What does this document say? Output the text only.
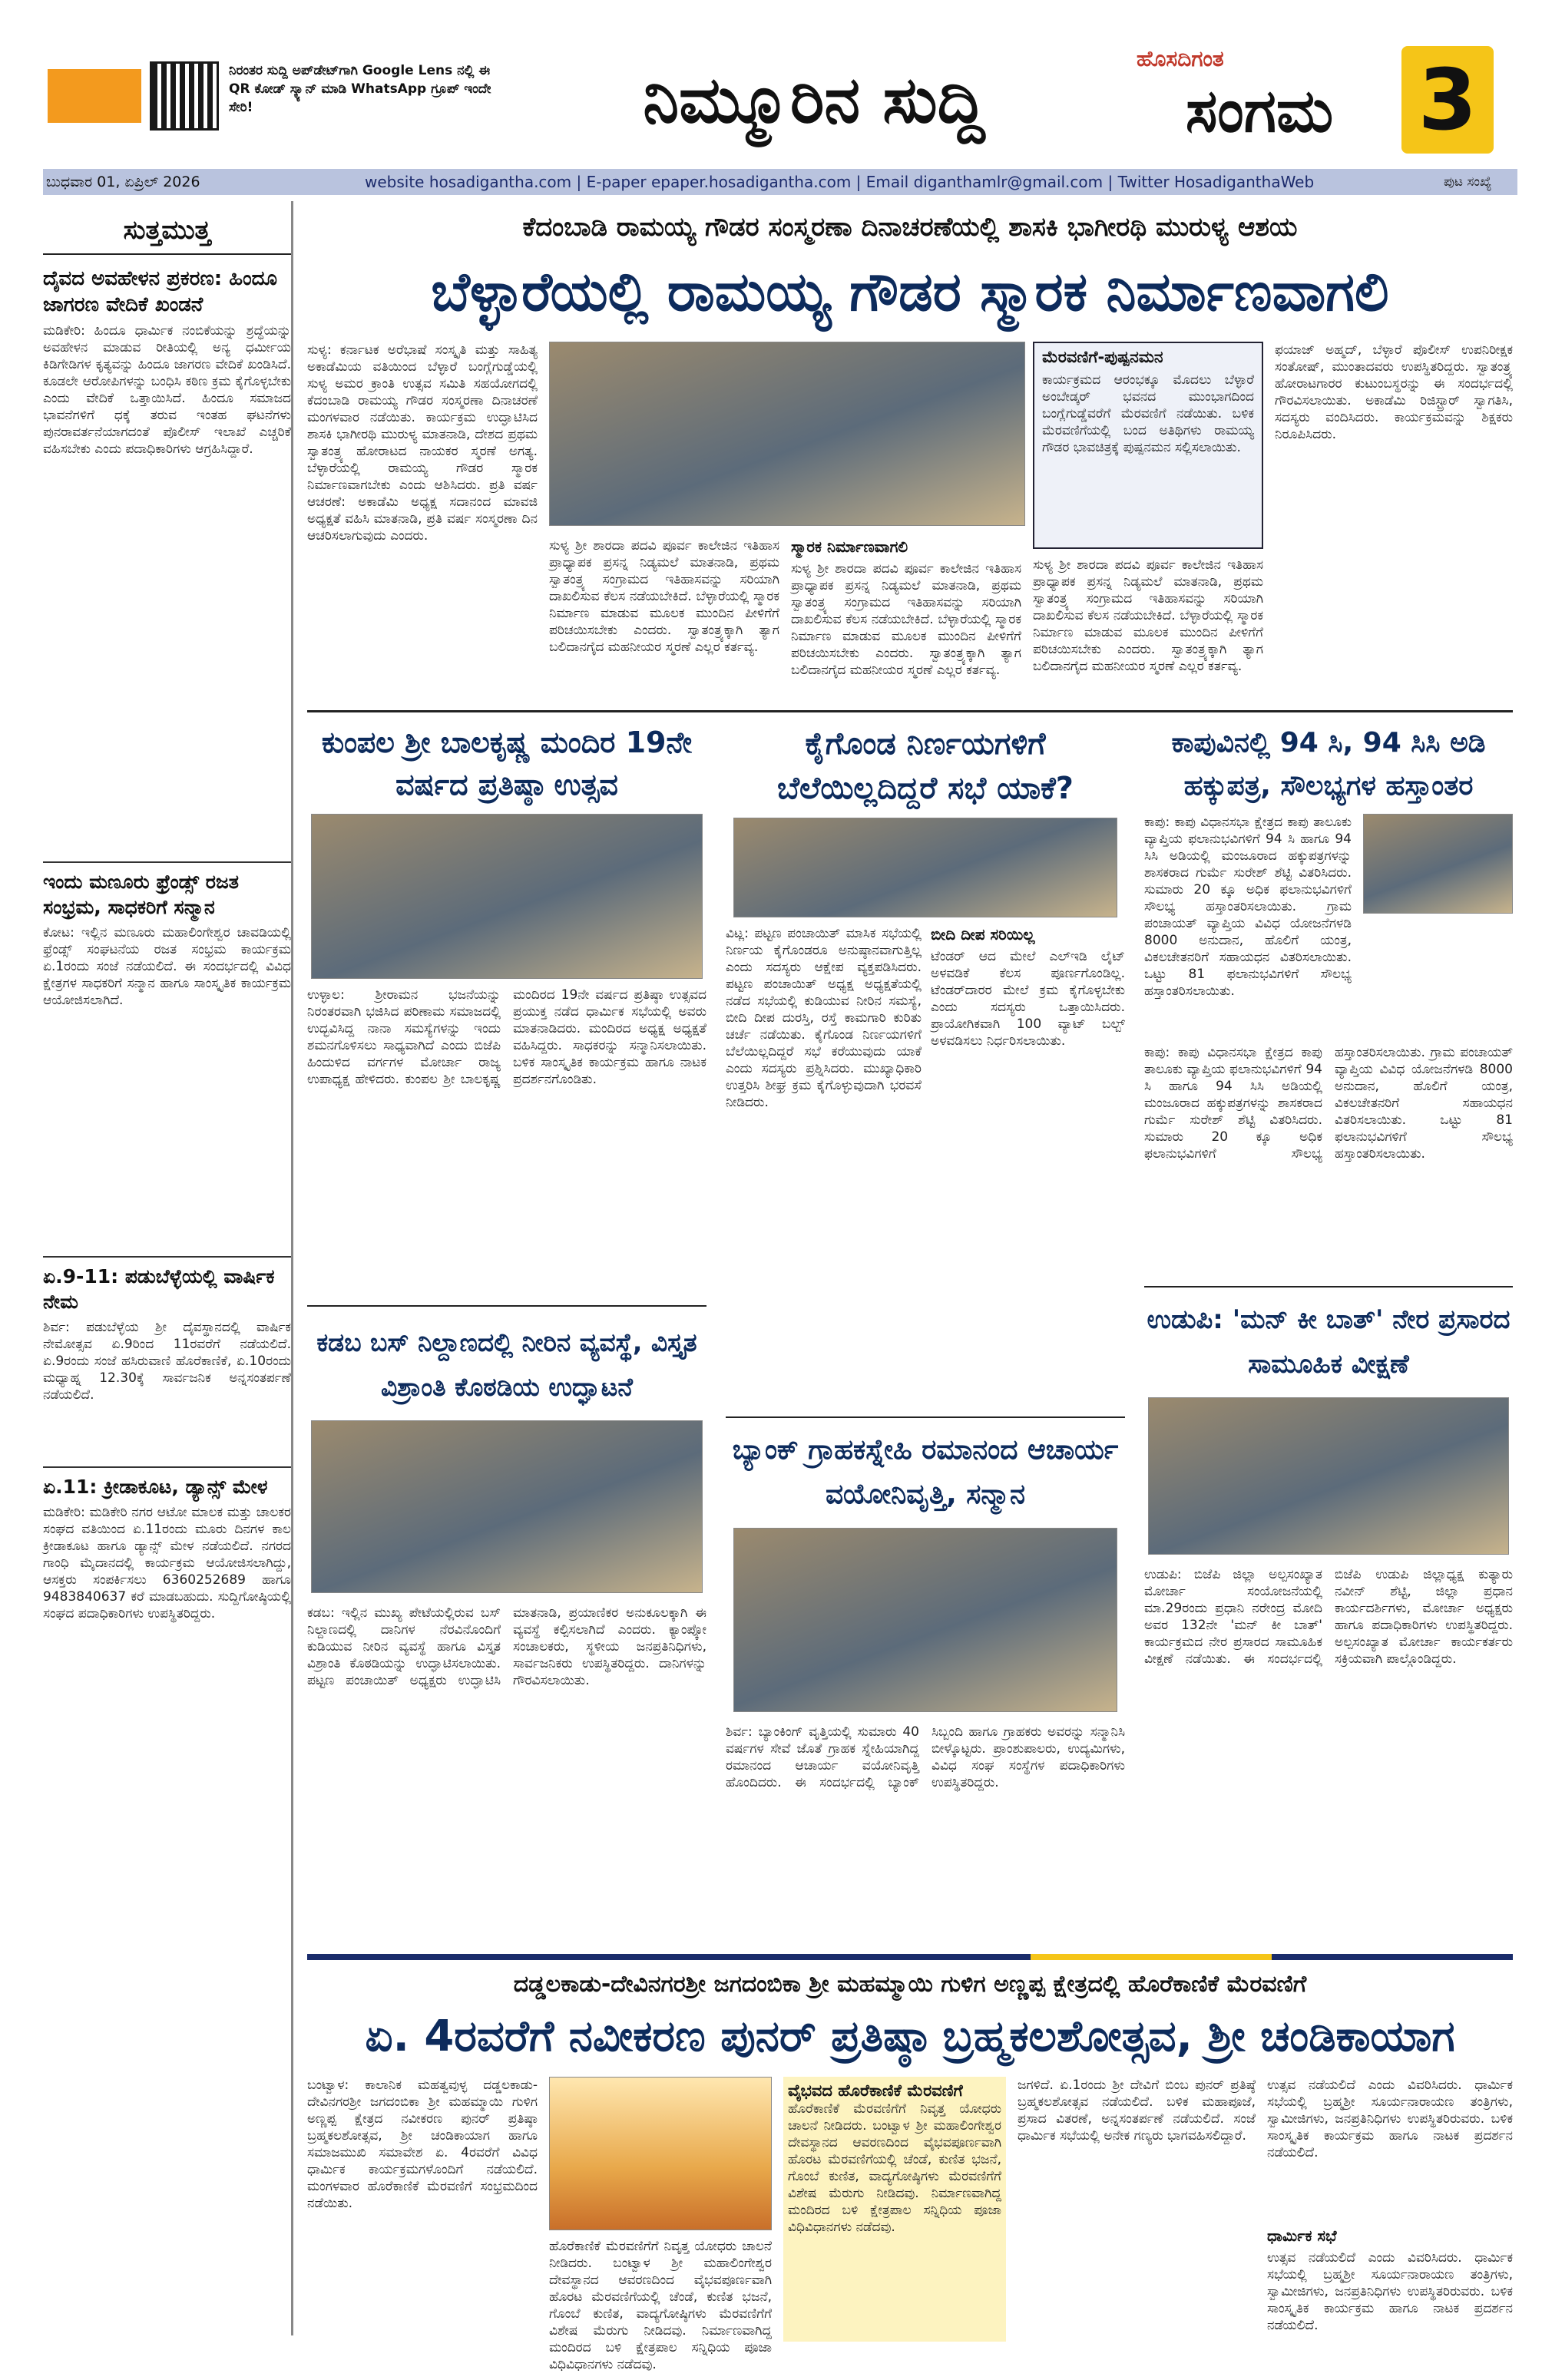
ನಿರಂತರ ಸುದ್ದಿ ಅಪ್‌ಡೇಟ್‌ಗಾಗಿ Google Lens ನಲ್ಲಿ ಈ QR ಕೋಡ್ ಸ್ಕ್ಯಾನ್ ಮಾಡಿ WhatsApp ಗ್ರೂಪ್ ಇಂದೇ ಸೇರಿ!	ನಿಮ್ಮೂರಿನ ಸುದ್ದಿ
ಹೊಸದಿಗಂತ
ಸಂಗಮ	3
ಬುಧವಾರ 01, ಏಪ್ರಿಲ್ 2026	website hosadigantha.com | E-paper epaper.hosadigantha.com | Email diganthamlr@gmail.com | Twitter HosadiganthaWeb	ಪುಟ ಸಂಖ್ಯೆ
ಸುತ್ತಮುತ್ತ
ದೈವದ ಅವಹೇಳನ ಪ್ರಕರಣ: ಹಿಂದೂ ಜಾಗರಣ ವೇದಿಕೆ ಖಂಡನೆ
ಮಡಿಕೇರಿ: ಹಿಂದೂ ಧಾರ್ಮಿಕ ನಂಬಿಕೆಯನ್ನು ಶ್ರದ್ಧೆಯನ್ನು ಅವಹೇಳನ ಮಾಡುವ ರೀತಿಯಲ್ಲಿ ಅನ್ಯ ಧರ್ಮೀಯ ಕಿಡಿಗೇಡಿಗಳ ಕೃತ್ಯವನ್ನು ಹಿಂದೂ ಜಾಗರಣ ವೇದಿಕೆ ಖಂಡಿಸಿದೆ. ಕೂಡಲೇ ಆರೋಪಿಗಳನ್ನು ಬಂಧಿಸಿ ಕಠಿಣ ಕ್ರಮ ಕೈಗೊಳ್ಳಬೇಕು ಎಂದು ವೇದಿಕೆ ಒತ್ತಾಯಿಸಿದೆ. ಹಿಂದೂ ಸಮಾಜದ ಭಾವನೆಗಳಿಗೆ ಧಕ್ಕೆ ತರುವ ಇಂತಹ ಘಟನೆಗಳು ಪುನರಾವರ್ತನೆಯಾಗದಂತೆ ಪೊಲೀಸ್ ಇಲಾಖೆ ಎಚ್ಚರಿಕೆ ವಹಿಸಬೇಕು ಎಂದು ಪದಾಧಿಕಾರಿಗಳು ಆಗ್ರಹಿಸಿದ್ದಾರೆ.
ಇಂದು ಮಣೂರು ಫ್ರೆಂಡ್ಸ್ ರಜತ ಸಂಭ್ರಮ, ಸಾಧಕರಿಗೆ ಸನ್ಮಾನ
ಕೋಟ: ಇಲ್ಲಿನ ಮಣೂರು ಮಹಾಲಿಂಗೇಶ್ವರ ಚಾವಡಿಯಲ್ಲಿ ಫ್ರೆಂಡ್ಸ್ ಸಂಘಟನೆಯ ರಜತ ಸಂಭ್ರಮ ಕಾರ್ಯಕ್ರಮ ಏ.1ರಂದು ಸಂಜೆ ನಡೆಯಲಿದೆ. ಈ ಸಂದರ್ಭದಲ್ಲಿ ವಿವಿಧ ಕ್ಷೇತ್ರಗಳ ಸಾಧಕರಿಗೆ ಸನ್ಮಾನ ಹಾಗೂ ಸಾಂಸ್ಕೃತಿಕ ಕಾರ್ಯಕ್ರಮ ಆಯೋಜಿಸಲಾಗಿದೆ.
ಏ.9-11: ಪಡುಬೆಳ್ಳೆಯಲ್ಲಿ ವಾರ್ಷಿಕ ನೇಮ
ಶಿರ್ವ: ಪಡುಬೆಳ್ಳೆಯ ಶ್ರೀ ದೈವಸ್ಥಾನದಲ್ಲಿ ವಾರ್ಷಿಕ ನೇಮೋತ್ಸವ ಏ.9ರಿಂದ 11ರವರೆಗೆ ನಡೆಯಲಿದೆ. ಏ.9ರಂದು ಸಂಜೆ ಹಸಿರುವಾಣಿ ಹೊರೆಕಾಣಿಕೆ, ಏ.10ರಂದು ಮಧ್ಯಾಹ್ನ 12.30ಕ್ಕೆ ಸಾರ್ವಜನಿಕ ಅನ್ನಸಂತರ್ಪಣೆ ನಡೆಯಲಿದೆ.
ಏ.11: ಕ್ರೀಡಾಕೂಟ, ಡ್ಯಾನ್ಸ್ ಮೇಳ
ಮಡಿಕೇರಿ: ಮಡಿಕೇರಿ ನಗರ ಆಟೋ ಮಾಲಕ ಮತ್ತು ಚಾಲಕರ ಸಂಘದ ವತಿಯಿಂದ ಏ.11ರಂದು ಮೂರು ದಿನಗಳ ಕಾಲ ಕ್ರೀಡಾಕೂಟ ಹಾಗೂ ಡ್ಯಾನ್ಸ್ ಮೇಳ ನಡೆಯಲಿದೆ. ನಗರದ ಗಾಂಧಿ ಮೈದಾನದಲ್ಲಿ ಕಾರ್ಯಕ್ರಮ ಆಯೋಜಿಸಲಾಗಿದ್ದು, ಆಸಕ್ತರು ಸಂಪರ್ಕಿಸಲು 6360252689 ಹಾಗೂ 9483840637 ಕರೆ ಮಾಡಬಹುದು. ಸುದ್ದಿಗೋಷ್ಠಿಯಲ್ಲಿ ಸಂಘದ ಪದಾಧಿಕಾರಿಗಳು ಉಪಸ್ಥಿತರಿದ್ದರು.
ಕೆದಂಬಾಡಿ ರಾಮಯ್ಯ ಗೌಡರ ಸಂಸ್ಮರಣಾ ದಿನಾಚರಣೆಯಲ್ಲಿ ಶಾಸಕಿ ಭಾಗೀರಥಿ ಮುರುಳ್ಯ ಆಶಯ
ಬೆಳ್ಳಾರೆಯಲ್ಲಿ ರಾಮಯ್ಯ ಗೌಡರ ಸ್ಮಾರಕ ನಿರ್ಮಾಣವಾಗಲಿ
ಸುಳ್ಯ: ಕರ್ನಾಟಕ ಅರೆಭಾಷೆ ಸಂಸ್ಕೃತಿ ಮತ್ತು ಸಾಹಿತ್ಯ ಅಕಾಡೆಮಿಯ ವತಿಯಿಂದ ಬೆಳ್ಳಾರೆ ಬಂಗ್ಲೆಗುಡ್ಡೆಯಲ್ಲಿ ಸುಳ್ಯ ಅಮರ ಕ್ರಾಂತಿ ಉತ್ಸವ ಸಮಿತಿ ಸಹಯೋಗದಲ್ಲಿ ಕೆದಂಬಾಡಿ ರಾಮಯ್ಯ ಗೌಡರ ಸಂಸ್ಮರಣಾ ದಿನಾಚರಣೆ ಮಂಗಳವಾರ ನಡೆಯಿತು. ಕಾರ್ಯಕ್ರಮ ಉದ್ಘಾಟಿಸಿದ ಶಾಸಕಿ ಭಾಗೀರಥಿ ಮುರುಳ್ಯ ಮಾತನಾಡಿ, ದೇಶದ ಪ್ರಥಮ ಸ್ವಾತಂತ್ರ್ಯ ಹೋರಾಟದ ನಾಯಕರ ಸ್ಮರಣೆ ಅಗತ್ಯ. ಬೆಳ್ಳಾರೆಯಲ್ಲಿ ರಾಮಯ್ಯ ಗೌಡರ ಸ್ಮಾರಕ ನಿರ್ಮಾಣವಾಗಬೇಕು ಎಂದು ಆಶಿಸಿದರು. ಪ್ರತಿ ವರ್ಷ ಆಚರಣೆ: ಅಕಾಡೆಮಿ ಅಧ್ಯಕ್ಷ ಸದಾನಂದ ಮಾವಜಿ ಅಧ್ಯಕ್ಷತೆ ವಹಿಸಿ ಮಾತನಾಡಿ, ಪ್ರತಿ ವರ್ಷ ಸಂಸ್ಮರಣಾ ದಿನ ಆಚರಿಸಲಾಗುವುದು ಎಂದರು.
ಮೆರವಣಿಗೆ-ಪುಷ್ಪನಮನ
ಕಾರ್ಯಕ್ರಮದ ಆರಂಭಕ್ಕೂ ಮೊದಲು ಬೆಳ್ಳಾರೆ ಅಂಬೇಡ್ಕರ್ ಭವನದ ಮುಂಭಾಗದಿಂದ ಬಂಗ್ಲೆಗುಡ್ಡೆವರೆಗೆ ಮೆರವಣಿಗೆ ನಡೆಯಿತು. ಬಳಿಕ ಮೆರವಣಿಗೆಯಲ್ಲಿ ಬಂದ ಅತಿಥಿಗಳು ರಾಮಯ್ಯ ಗೌಡರ ಭಾವಚಿತ್ರಕ್ಕೆ ಪುಷ್ಪನಮನ ಸಲ್ಲಿಸಲಾಯಿತು.
ಸುಳ್ಯ ಶ್ರೀ ಶಾರದಾ ಪದವಿ ಪೂರ್ವ ಕಾಲೇಜಿನ ಇತಿಹಾಸ ಪ್ರಾಧ್ಯಾಪಕ ಪ್ರಸನ್ನ ನಿಡ್ಯಮಲೆ ಮಾತನಾಡಿ, ಪ್ರಥಮ ಸ್ವಾತಂತ್ರ್ಯ ಸಂಗ್ರಾಮದ ಇತಿಹಾಸವನ್ನು ಸರಿಯಾಗಿ ದಾಖಲಿಸುವ ಕೆಲಸ ನಡೆಯಬೇಕಿದೆ. ಬೆಳ್ಳಾರೆಯಲ್ಲಿ ಸ್ಮಾರಕ ನಿರ್ಮಾಣ ಮಾಡುವ ಮೂಲಕ ಮುಂದಿನ ಪೀಳಿಗೆಗೆ ಪರಿಚಯಿಸಬೇಕು ಎಂದರು. ಸ್ವಾತಂತ್ರ್ಯಕ್ಕಾಗಿ ತ್ಯಾಗ ಬಲಿದಾನಗೈದ ಮಹನೀಯರ ಸ್ಮರಣೆ ಎಲ್ಲರ ಕರ್ತವ್ಯ.
ಸ್ಮಾರಕ ನಿರ್ಮಾಣವಾಗಲಿ
ಸುಳ್ಯ ಶ್ರೀ ಶಾರದಾ ಪದವಿ ಪೂರ್ವ ಕಾಲೇಜಿನ ಇತಿಹಾಸ ಪ್ರಾಧ್ಯಾಪಕ ಪ್ರಸನ್ನ ನಿಡ್ಯಮಲೆ ಮಾತನಾಡಿ, ಪ್ರಥಮ ಸ್ವಾತಂತ್ರ್ಯ ಸಂಗ್ರಾಮದ ಇತಿಹಾಸವನ್ನು ಸರಿಯಾಗಿ ದಾಖಲಿಸುವ ಕೆಲಸ ನಡೆಯಬೇಕಿದೆ. ಬೆಳ್ಳಾರೆಯಲ್ಲಿ ಸ್ಮಾರಕ ನಿರ್ಮಾಣ ಮಾಡುವ ಮೂಲಕ ಮುಂದಿನ ಪೀಳಿಗೆಗೆ ಪರಿಚಯಿಸಬೇಕು ಎಂದರು. ಸ್ವಾತಂತ್ರ್ಯಕ್ಕಾಗಿ ತ್ಯಾಗ ಬಲಿದಾನಗೈದ ಮಹನೀಯರ ಸ್ಮರಣೆ ಎಲ್ಲರ ಕರ್ತವ್ಯ.
ಸುಳ್ಯ ಶ್ರೀ ಶಾರದಾ ಪದವಿ ಪೂರ್ವ ಕಾಲೇಜಿನ ಇತಿಹಾಸ ಪ್ರಾಧ್ಯಾಪಕ ಪ್ರಸನ್ನ ನಿಡ್ಯಮಲೆ ಮಾತನಾಡಿ, ಪ್ರಥಮ ಸ್ವಾತಂತ್ರ್ಯ ಸಂಗ್ರಾಮದ ಇತಿಹಾಸವನ್ನು ಸರಿಯಾಗಿ ದಾಖಲಿಸುವ ಕೆಲಸ ನಡೆಯಬೇಕಿದೆ. ಬೆಳ್ಳಾರೆಯಲ್ಲಿ ಸ್ಮಾರಕ ನಿರ್ಮಾಣ ಮಾಡುವ ಮೂಲಕ ಮುಂದಿನ ಪೀಳಿಗೆಗೆ ಪರಿಚಯಿಸಬೇಕು ಎಂದರು. ಸ್ವಾತಂತ್ರ್ಯಕ್ಕಾಗಿ ತ್ಯಾಗ ಬಲಿದಾನಗೈದ ಮಹನೀಯರ ಸ್ಮರಣೆ ಎಲ್ಲರ ಕರ್ತವ್ಯ.
ಫಯಾಜ್ ಅಹ್ಮದ್, ಬೆಳ್ಳಾರೆ ಪೊಲೀಸ್ ಉಪನಿರೀಕ್ಷಕ ಸಂತೋಷ್, ಮುಂತಾದವರು ಉಪಸ್ಥಿತರಿದ್ದರು. ಸ್ವಾತಂತ್ರ್ಯ ಹೋರಾಟಗಾರರ ಕುಟುಂಬಸ್ಥರನ್ನು ಈ ಸಂದರ್ಭದಲ್ಲಿ ಗೌರವಿಸಲಾಯಿತು. ಅಕಾಡೆಮಿ ರಿಜಿಸ್ಟ್ರಾರ್ ಸ್ವಾಗತಿಸಿ, ಸದಸ್ಯರು ವಂದಿಸಿದರು. ಕಾರ್ಯಕ್ರಮವನ್ನು ಶಿಕ್ಷಕರು ನಿರೂಪಿಸಿದರು.
ಕುಂಪಲ ಶ್ರೀ ಬಾಲಕೃಷ್ಣ ಮಂದಿರ 19ನೇ ವರ್ಷದ ಪ್ರತಿಷ್ಠಾ ಉತ್ಸವ
ಉಳ್ಳಾಲ: ಶ್ರೀರಾಮನ ಭಜನೆಯನ್ನು ನಿರಂತರವಾಗಿ ಭಜಿಸಿದ ಪರಿಣಾಮ ಸಮಾಜದಲ್ಲಿ ಉದ್ಭವಿಸಿದ್ದ ನಾನಾ ಸಮಸ್ಯೆಗಳನ್ನು ಇಂದು ಶಮನಗೊಳಿಸಲು ಸಾಧ್ಯವಾಗಿದೆ ಎಂದು ಬಿಜೆಪಿ ಹಿಂದುಳಿದ ವರ್ಗಗಳ ಮೋರ್ಚಾ ರಾಜ್ಯ ಉಪಾಧ್ಯಕ್ಷ ಹೇಳಿದರು. ಕುಂಪಲ ಶ್ರೀ ಬಾಲಕೃಷ್ಣ ಮಂದಿರದ 19ನೇ ವರ್ಷದ ಪ್ರತಿಷ್ಠಾ ಉತ್ಸವದ ಪ್ರಯುಕ್ತ ನಡೆದ ಧಾರ್ಮಿಕ ಸಭೆಯಲ್ಲಿ ಅವರು ಮಾತನಾಡಿದರು. ಮಂದಿರದ ಅಧ್ಯಕ್ಷ ಅಧ್ಯಕ್ಷತೆ ವಹಿಸಿದ್ದರು. ಸಾಧಕರನ್ನು ಸನ್ಮಾನಿಸಲಾಯಿತು. ಬಳಿಕ ಸಾಂಸ್ಕೃತಿಕ ಕಾರ್ಯಕ್ರಮ ಹಾಗೂ ನಾಟಕ ಪ್ರದರ್ಶನಗೊಂಡಿತು.
ಕೈಗೊಂಡ ನಿರ್ಣಯಗಳಿಗೆ ಬೆಲೆಯಿಲ್ಲದಿದ್ದರೆ ಸಭೆ ಯಾಕೆ?
ವಿಟ್ಲ: ಪಟ್ಟಣ ಪಂಚಾಯಿತ್ ಮಾಸಿಕ ಸಭೆಯಲ್ಲಿ ನಿರ್ಣಯ ಕೈಗೊಂಡರೂ ಅನುಷ್ಠಾನವಾಗುತ್ತಿಲ್ಲ ಎಂದು ಸದಸ್ಯರು ಆಕ್ಷೇಪ ವ್ಯಕ್ತಪಡಿಸಿದರು. ಪಟ್ಟಣ ಪಂಚಾಯಿತ್ ಅಧ್ಯಕ್ಷ ಅಧ್ಯಕ್ಷತೆಯಲ್ಲಿ ನಡೆದ ಸಭೆಯಲ್ಲಿ ಕುಡಿಯುವ ನೀರಿನ ಸಮಸ್ಯೆ, ಬೀದಿ ದೀಪ ದುರಸ್ತಿ, ರಸ್ತೆ ಕಾಮಗಾರಿ ಕುರಿತು ಚರ್ಚೆ ನಡೆಯಿತು. ಕೈಗೊಂಡ ನಿರ್ಣಯಗಳಿಗೆ ಬೆಲೆಯಿಲ್ಲದಿದ್ದರೆ ಸಭೆ ಕರೆಯುವುದು ಯಾಕೆ ಎಂದು ಸದಸ್ಯರು ಪ್ರಶ್ನಿಸಿದರು. ಮುಖ್ಯಾಧಿಕಾರಿ ಉತ್ತರಿಸಿ ಶೀಘ್ರ ಕ್ರಮ ಕೈಗೊಳ್ಳುವುದಾಗಿ ಭರವಸೆ ನೀಡಿದರು.
ಬೀದಿ ದೀಪ ಸರಿಯಿಲ್ಲ
ಟೆಂಡರ್ ಆದ ಮೇಲೆ ಎಲ್‌ಇಡಿ ಲೈಟ್ ಅಳವಡಿಕೆ ಕೆಲಸ ಪೂರ್ಣಗೊಂಡಿಲ್ಲ. ಟೆಂಡರ್‌ದಾರರ ಮೇಲೆ ಕ್ರಮ ಕೈಗೊಳ್ಳಬೇಕು ಎಂದು ಸದಸ್ಯರು ಒತ್ತಾಯಿಸಿದರು. ಪ್ರಾಯೋಗಿಕವಾಗಿ 100 ವ್ಯಾಟ್ ಬಲ್ಬ್ ಅಳವಡಿಸಲು ನಿರ್ಧರಿಸಲಾಯಿತು.
ಕಾಪುವಿನಲ್ಲಿ 94 ಸಿ, 94 ಸಿಸಿ ಅಡಿ ಹಕ್ಕುಪತ್ರ, ಸೌಲಭ್ಯಗಳ ಹಸ್ತಾಂತರ
ಕಾಪು: ಕಾಪು ವಿಧಾನಸಭಾ ಕ್ಷೇತ್ರದ ಕಾಪು ತಾಲೂಕು ವ್ಯಾಪ್ತಿಯ ಫಲಾನುಭವಿಗಳಿಗೆ 94 ಸಿ ಹಾಗೂ 94 ಸಿಸಿ ಅಡಿಯಲ್ಲಿ ಮಂಜೂರಾದ ಹಕ್ಕುಪತ್ರಗಳನ್ನು ಶಾಸಕರಾದ ಗುರ್ಮೆ ಸುರೇಶ್ ಶೆಟ್ಟಿ ವಿತರಿಸಿದರು. ಸುಮಾರು 20 ಕ್ಕೂ ಅಧಿಕ ಫಲಾನುಭವಿಗಳಿಗೆ ಸೌಲಭ್ಯ ಹಸ್ತಾಂತರಿಸಲಾಯಿತು. ಗ್ರಾಮ ಪಂಚಾಯತ್ ವ್ಯಾಪ್ತಿಯ ವಿವಿಧ ಯೋಜನೆಗಳಡಿ 8000 ಅನುದಾನ, ಹೊಲಿಗೆ ಯಂತ್ರ, ವಿಕಲಚೇತನರಿಗೆ ಸಹಾಯಧನ ವಿತರಿಸಲಾಯಿತು. ಒಟ್ಟು 81 ಫಲಾನುಭವಿಗಳಿಗೆ ಸೌಲಭ್ಯ ಹಸ್ತಾಂತರಿಸಲಾಯಿತು.
ಕಾಪು: ಕಾಪು ವಿಧಾನಸಭಾ ಕ್ಷೇತ್ರದ ಕಾಪು ತಾಲೂಕು ವ್ಯಾಪ್ತಿಯ ಫಲಾನುಭವಿಗಳಿಗೆ 94 ಸಿ ಹಾಗೂ 94 ಸಿಸಿ ಅಡಿಯಲ್ಲಿ ಮಂಜೂರಾದ ಹಕ್ಕುಪತ್ರಗಳನ್ನು ಶಾಸಕರಾದ ಗುರ್ಮೆ ಸುರೇಶ್ ಶೆಟ್ಟಿ ವಿತರಿಸಿದರು. ಸುಮಾರು 20 ಕ್ಕೂ ಅಧಿಕ ಫಲಾನುಭವಿಗಳಿಗೆ ಸೌಲಭ್ಯ ಹಸ್ತಾಂತರಿಸಲಾಯಿತು. ಗ್ರಾಮ ಪಂಚಾಯತ್ ವ್ಯಾಪ್ತಿಯ ವಿವಿಧ ಯೋಜನೆಗಳಡಿ 8000 ಅನುದಾನ, ಹೊಲಿಗೆ ಯಂತ್ರ, ವಿಕಲಚೇತನರಿಗೆ ಸಹಾಯಧನ ವಿತರಿಸಲಾಯಿತು. ಒಟ್ಟು 81 ಫಲಾನುಭವಿಗಳಿಗೆ ಸೌಲಭ್ಯ ಹಸ್ತಾಂತರಿಸಲಾಯಿತು.
ಕಡಬ ಬಸ್ ನಿಲ್ದಾಣದಲ್ಲಿ ನೀರಿನ ವ್ಯವಸ್ಥೆ, ವಿಸ್ತೃತ ವಿಶ್ರಾಂತಿ ಕೊಠಡಿಯ ಉದ್ಘಾಟನೆ
ಕಡಬ: ಇಲ್ಲಿನ ಮುಖ್ಯ ಪೇಟೆಯಲ್ಲಿರುವ ಬಸ್ ನಿಲ್ದಾಣದಲ್ಲಿ ದಾನಿಗಳ ನೆರವಿನೊಂದಿಗೆ ಕುಡಿಯುವ ನೀರಿನ ವ್ಯವಸ್ಥೆ ಹಾಗೂ ವಿಸ್ತೃತ ವಿಶ್ರಾಂತಿ ಕೊಠಡಿಯನ್ನು ಉದ್ಘಾಟಿಸಲಾಯಿತು. ಪಟ್ಟಣ ಪಂಚಾಯಿತ್ ಅಧ್ಯಕ್ಷರು ಉದ್ಘಾಟಿಸಿ ಮಾತನಾಡಿ, ಪ್ರಯಾಣಿಕರ ಅನುಕೂಲಕ್ಕಾಗಿ ಈ ವ್ಯವಸ್ಥೆ ಕಲ್ಪಿಸಲಾಗಿದೆ ಎಂದರು. ಕ್ಯಾಂಪ್ಕೋ ಸಂಚಾಲಕರು, ಸ್ಥಳೀಯ ಜನಪ್ರತಿನಿಧಿಗಳು, ಸಾರ್ವಜನಿಕರು ಉಪಸ್ಥಿತರಿದ್ದರು. ದಾನಿಗಳನ್ನು ಗೌರವಿಸಲಾಯಿತು.
ಬ್ಯಾಂಕ್ ಗ್ರಾಹಕಸ್ನೇಹಿ ರಮಾನಂದ ಆಚಾರ್ಯ ವಯೋನಿವೃತ್ತಿ, ಸನ್ಮಾನ
ಶಿರ್ವ: ಬ್ಯಾಂಕಿಂಗ್ ವೃತ್ತಿಯಲ್ಲಿ ಸುಮಾರು 40 ವರ್ಷಗಳ ಸೇವೆ ಜೊತೆ ಗ್ರಾಹಕ ಸ್ನೇಹಿಯಾಗಿದ್ದ ರಮಾನಂದ ಆಚಾರ್ಯ ವಯೋನಿವೃತ್ತಿ ಹೊಂದಿದರು. ಈ ಸಂದರ್ಭದಲ್ಲಿ ಬ್ಯಾಂಕ್ ಸಿಬ್ಬಂದಿ ಹಾಗೂ ಗ್ರಾಹಕರು ಅವರನ್ನು ಸನ್ಮಾನಿಸಿ ಬೀಳ್ಕೊಟ್ಟರು. ಪ್ರಾಂಶುಪಾಲರು, ಉದ್ಯಮಿಗಳು, ವಿವಿಧ ಸಂಘ ಸಂಸ್ಥೆಗಳ ಪದಾಧಿಕಾರಿಗಳು ಉಪಸ್ಥಿತರಿದ್ದರು.
ಉಡುಪಿ: 'ಮನ್ ಕೀ ಬಾತ್' ನೇರ ಪ್ರಸಾರದ ಸಾಮೂಹಿಕ ವೀಕ್ಷಣೆ
ಉಡುಪಿ: ಬಿಜೆಪಿ ಜಿಲ್ಲಾ ಅಲ್ಪಸಂಖ್ಯಾತ ಮೋರ್ಚಾ ಸಂಯೋಜನೆಯಲ್ಲಿ ಮಾ.29ರಂದು ಪ್ರಧಾನಿ ನರೇಂದ್ರ ಮೋದಿ ಅವರ 132ನೇ 'ಮನ್ ಕೀ ಬಾತ್' ಕಾರ್ಯಕ್ರಮದ ನೇರ ಪ್ರಸಾರದ ಸಾಮೂಹಿಕ ವೀಕ್ಷಣೆ ನಡೆಯಿತು. ಈ ಸಂದರ್ಭದಲ್ಲಿ ಬಿಜೆಪಿ ಉಡುಪಿ ಜಿಲ್ಲಾಧ್ಯಕ್ಷ ಕುತ್ಯಾರು ನವೀನ್ ಶೆಟ್ಟಿ, ಜಿಲ್ಲಾ ಪ್ರಧಾನ ಕಾರ್ಯದರ್ಶಿಗಳು, ಮೋರ್ಚಾ ಅಧ್ಯಕ್ಷರು ಹಾಗೂ ಪದಾಧಿಕಾರಿಗಳು ಉಪಸ್ಥಿತರಿದ್ದರು. ಅಲ್ಪಸಂಖ್ಯಾತ ಮೋರ್ಚಾ ಕಾರ್ಯಕರ್ತರು ಸಕ್ರಿಯವಾಗಿ ಪಾಲ್ಗೊಂಡಿದ್ದರು.
ದಡ್ಡಲಕಾಡು-ದೇವಿನಗರಶ್ರೀ ಜಗದಂಬಿಕಾ ಶ್ರೀ ಮಹಮ್ಮಾಯಿ ಗುಳಿಗ ಅಣ್ಣಪ್ಪ ಕ್ಷೇತ್ರದಲ್ಲಿ ಹೊರೆಕಾಣಿಕೆ ಮೆರವಣಿಗೆ
ಏ. 4ರವರೆಗೆ ನವೀಕರಣ ಪುನರ್ ಪ್ರತಿಷ್ಠಾ ಬ್ರಹ್ಮಕಲಶೋತ್ಸವ, ಶ್ರೀ ಚಂಡಿಕಾಯಾಗ
ಬಂಟ್ವಾಳ: ಕಾಲಾನಿಕ ಮಹತ್ವವುಳ್ಳ ದಡ್ಡಲಕಾಡು-ದೇವಿನಗರಶ್ರೀ ಜಗದಂಬಿಕಾ ಶ್ರೀ ಮಹಮ್ಮಾಯಿ ಗುಳಿಗ ಅಣ್ಣಪ್ಪ ಕ್ಷೇತ್ರದ ನವೀಕರಣ ಪುನರ್ ಪ್ರತಿಷ್ಠಾ ಬ್ರಹ್ಮಕಲಶೋತ್ಸವ, ಶ್ರೀ ಚಂಡಿಕಾಯಾಗ ಹಾಗೂ ಸಮಾಜಮುಖಿ ಸಮಾವೇಶ ಏ. 4ರವರೆಗೆ ವಿವಿಧ ಧಾರ್ಮಿಕ ಕಾರ್ಯಕ್ರಮಗಳೊಂದಿಗೆ ನಡೆಯಲಿದೆ. ಮಂಗಳವಾರ ಹೊರೆಕಾಣಿಕೆ ಮೆರವಣಿಗೆ ಸಂಭ್ರಮದಿಂದ ನಡೆಯಿತು.
ಹೊರೆಕಾಣಿಕೆ ಮೆರವಣಿಗೆಗೆ ನಿವೃತ್ತ ಯೋಧರು ಚಾಲನೆ ನೀಡಿದರು. ಬಂಟ್ವಾಳ ಶ್ರೀ ಮಹಾಲಿಂಗೇಶ್ವರ ದೇವಸ್ಥಾನದ ಆವರಣದಿಂದ ವೈಭವಪೂರ್ಣವಾಗಿ ಹೊರಟ ಮೆರವಣಿಗೆಯಲ್ಲಿ ಚೆಂಡೆ, ಕುಣಿತ ಭಜನೆ, ಗೊಂಬೆ ಕುಣಿತ, ವಾದ್ಯಗೋಷ್ಠಿಗಳು ಮೆರವಣಿಗೆಗೆ ವಿಶೇಷ ಮೆರುಗು ನೀಡಿದವು. ನಿರ್ಮಾಣವಾಗಿದ್ದ ಮಂದಿರದ ಬಳಿ ಕ್ಷೇತ್ರಪಾಲ ಸನ್ನಿಧಿಯ ಪೂಜಾ ವಿಧಿವಿಧಾನಗಳು ನಡೆದವು.
ವೈಭವದ ಹೊರೆಕಾಣಿಕೆ ಮೆರವಣಿಗೆ
ಹೊರೆಕಾಣಿಕೆ ಮೆರವಣಿಗೆಗೆ ನಿವೃತ್ತ ಯೋಧರು ಚಾಲನೆ ನೀಡಿದರು. ಬಂಟ್ವಾಳ ಶ್ರೀ ಮಹಾಲಿಂಗೇಶ್ವರ ದೇವಸ್ಥಾನದ ಆವರಣದಿಂದ ವೈಭವಪೂರ್ಣವಾಗಿ ಹೊರಟ ಮೆರವಣಿಗೆಯಲ್ಲಿ ಚೆಂಡೆ, ಕುಣಿತ ಭಜನೆ, ಗೊಂಬೆ ಕುಣಿತ, ವಾದ್ಯಗೋಷ್ಠಿಗಳು ಮೆರವಣಿಗೆಗೆ ವಿಶೇಷ ಮೆರುಗು ನೀಡಿದವು. ನಿರ್ಮಾಣವಾಗಿದ್ದ ಮಂದಿರದ ಬಳಿ ಕ್ಷೇತ್ರಪಾಲ ಸನ್ನಿಧಿಯ ಪೂಜಾ ವಿಧಿವಿಧಾನಗಳು ನಡೆದವು.
ಜಗಳಿದೆ. ಏ.1ರಂದು ಶ್ರೀ ದೇವಿಗೆ ಬಿಂಬ ಪುನರ್ ಪ್ರತಿಷ್ಠೆ ಬ್ರಹ್ಮಕಲಶೋತ್ಸವ ನಡೆಯಲಿದೆ. ಬಳಿಕ ಮಹಾಪೂಜೆ, ಪ್ರಸಾದ ವಿತರಣೆ, ಅನ್ನಸಂತರ್ಪಣೆ ನಡೆಯಲಿದೆ. ಸಂಜೆ ಧಾರ್ಮಿಕ ಸಭೆಯಲ್ಲಿ ಅನೇಕ ಗಣ್ಯರು ಭಾಗವಹಿಸಲಿದ್ದಾರೆ.
ಧಾರ್ಮಿಕ ಸಭೆ
ಉತ್ಸವ ನಡೆಯಲಿದೆ ಎಂದು ವಿವರಿಸಿದರು. ಧಾರ್ಮಿಕ ಸಭೆಯಲ್ಲಿ ಬ್ರಹ್ಮಶ್ರೀ ಸೂರ್ಯನಾರಾಯಣ ತಂತ್ರಿಗಳು, ಸ್ವಾಮೀಜಿಗಳು, ಜನಪ್ರತಿನಿಧಿಗಳು ಉಪಸ್ಥಿತರಿರುವರು. ಬಳಿಕ ಸಾಂಸ್ಕೃತಿಕ ಕಾರ್ಯಕ್ರಮ ಹಾಗೂ ನಾಟಕ ಪ್ರದರ್ಶನ ನಡೆಯಲಿದೆ.
ಉತ್ಸವ ನಡೆಯಲಿದೆ ಎಂದು ವಿವರಿಸಿದರು. ಧಾರ್ಮಿಕ ಸಭೆಯಲ್ಲಿ ಬ್ರಹ್ಮಶ್ರೀ ಸೂರ್ಯನಾರಾಯಣ ತಂತ್ರಿಗಳು, ಸ್ವಾಮೀಜಿಗಳು, ಜನಪ್ರತಿನಿಧಿಗಳು ಉಪಸ್ಥಿತರಿರುವರು. ಬಳಿಕ ಸಾಂಸ್ಕೃತಿಕ ಕಾರ್ಯಕ್ರಮ ಹಾಗೂ ನಾಟಕ ಪ್ರದರ್ಶನ ನಡೆಯಲಿದೆ.
